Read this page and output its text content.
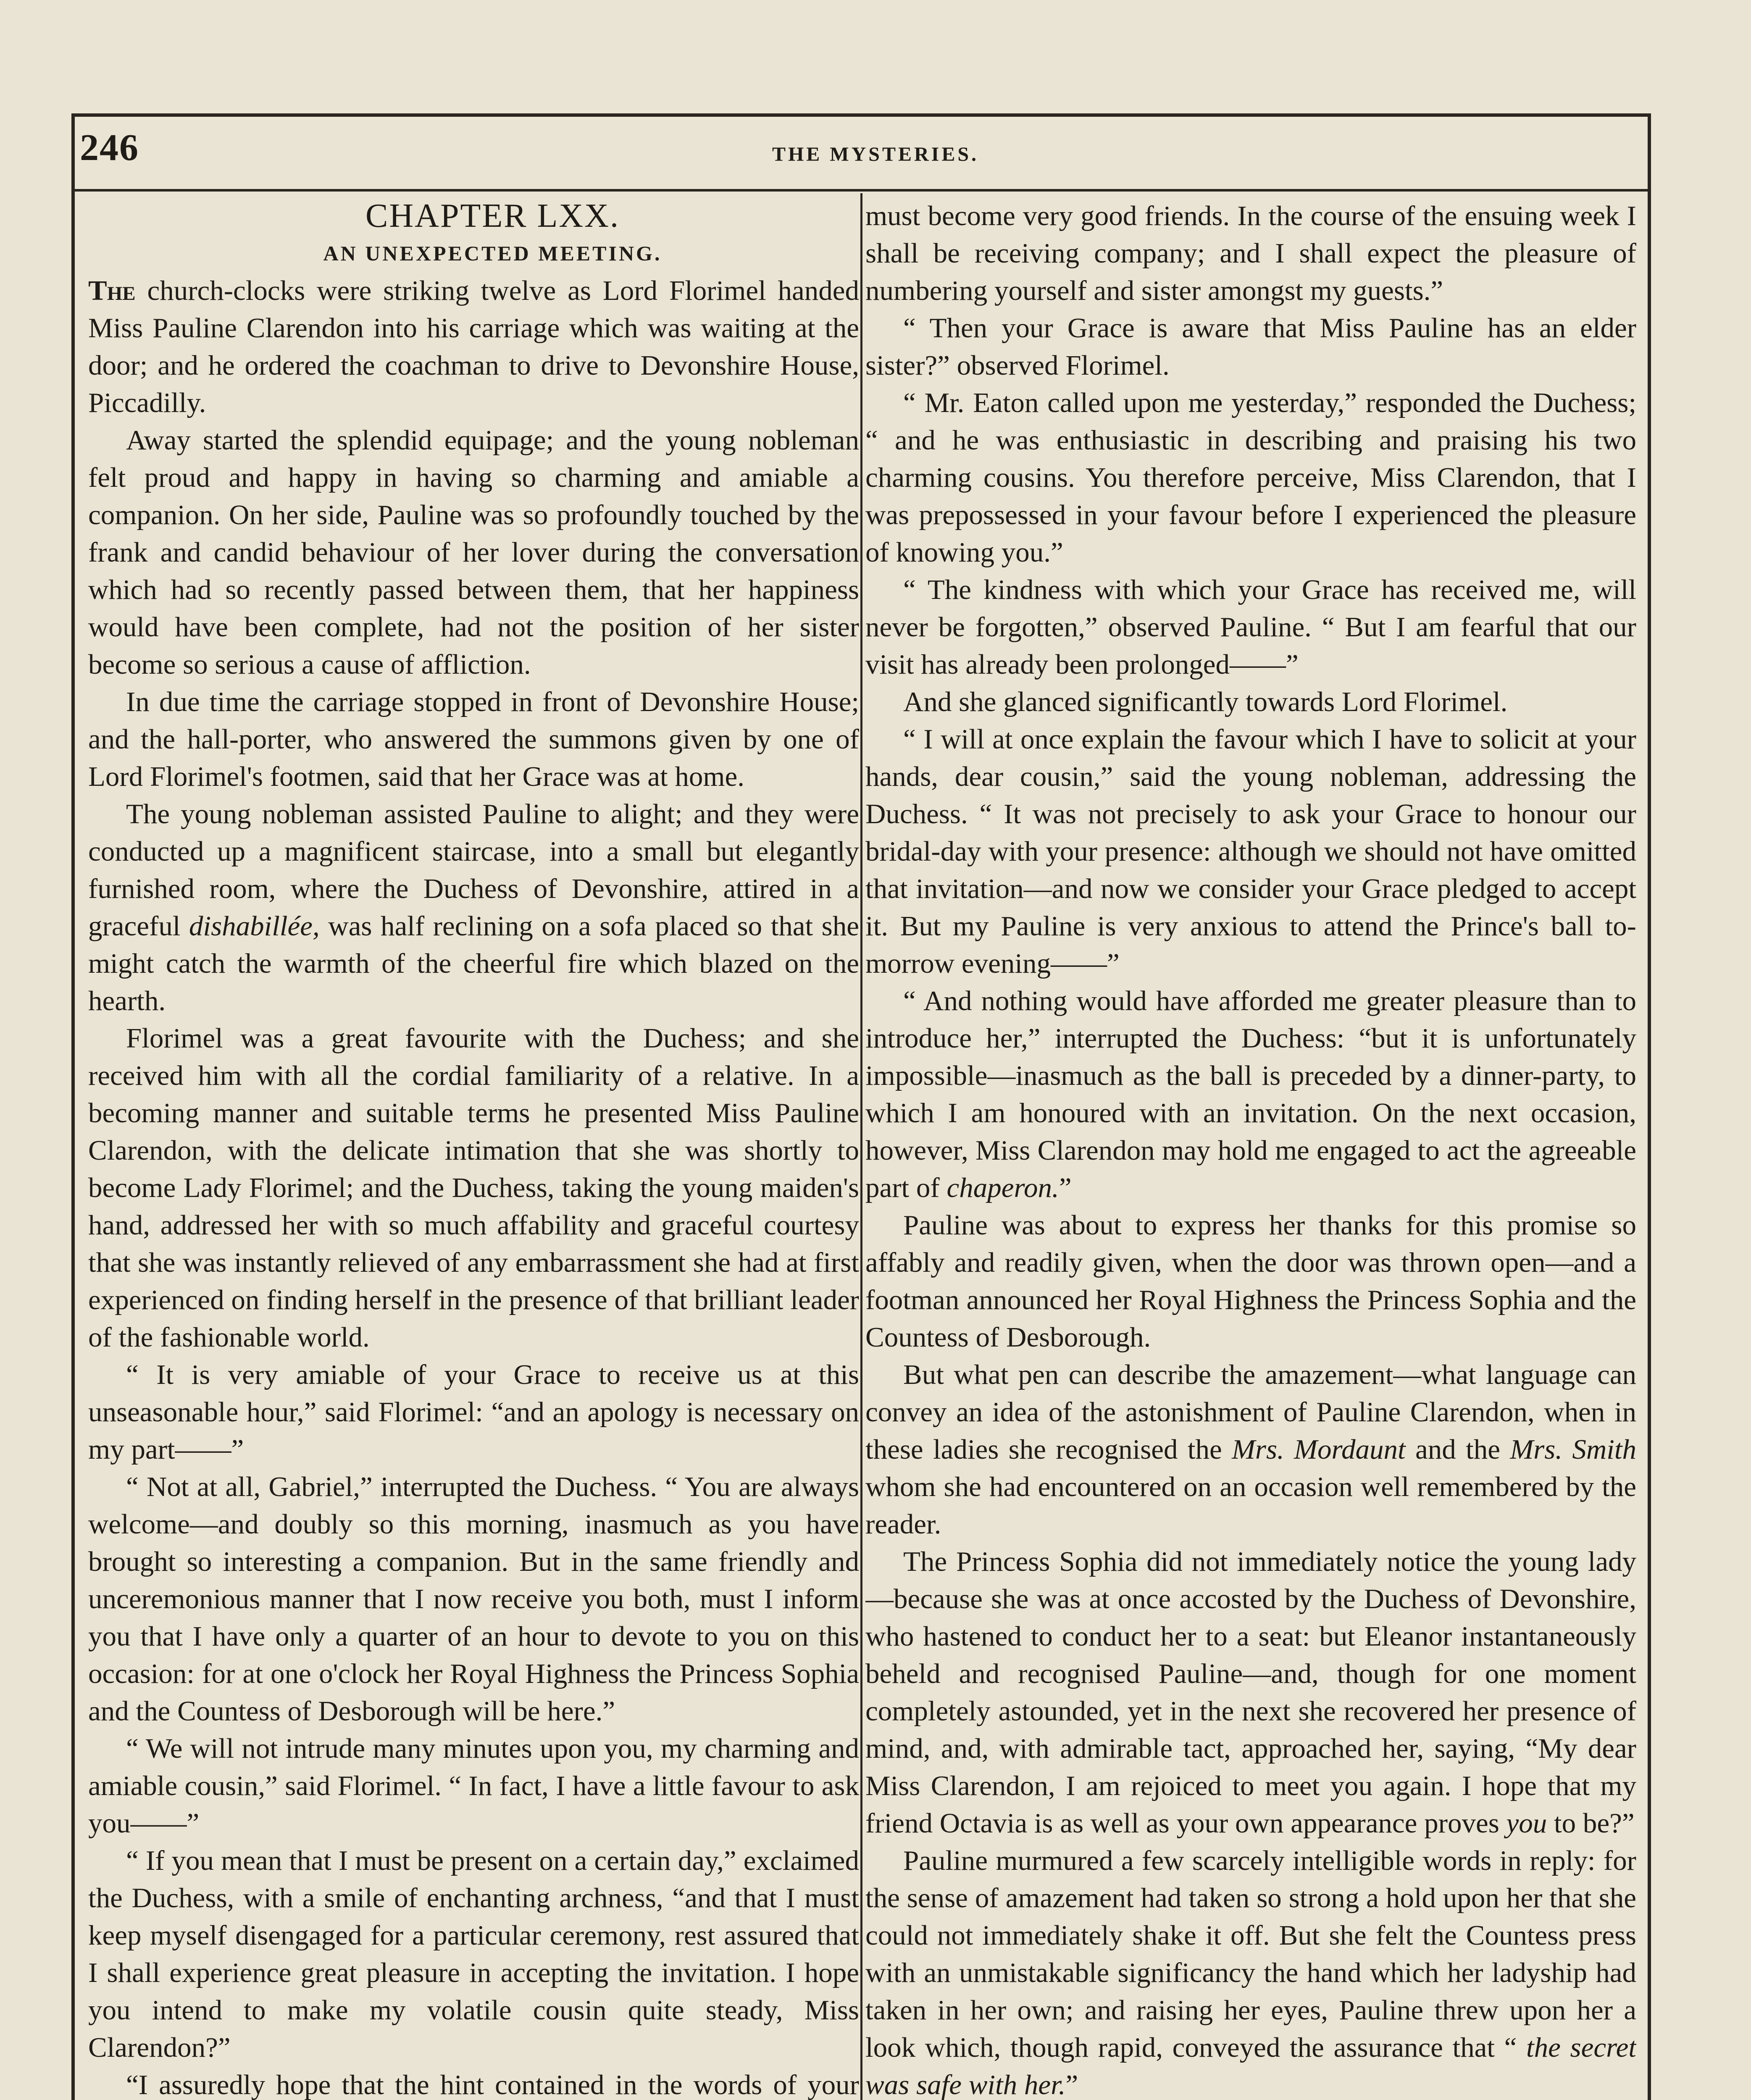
246	THE MYSTERIES.

CHAPTER LXX.

AN UNEXPECTED MEETING.

The church-clocks were striking twelve as Lord Florimel handed Miss Pauline Clarendon into his carriage which was waiting at the door; and he ordered the coachman to drive to Devonshire House, Piccadilly.

Away started the splendid equipage; and the young nobleman felt proud and happy in having so charming and amiable a companion. On her side, Pauline was so profoundly touched by the frank and candid behaviour of her lover during the conversation which had so recently passed between them, that her happiness would have been complete, had not the position of her sister become so serious a cause of affliction.

In due time the carriage stopped in front of Devonshire House; and the hall-porter, who answered the summons given by one of Lord Florimel's footmen, said that her Grace was at home.

The young nobleman assisted Pauline to alight; and they were conducted up a magnificent staircase, into a small but elegantly furnished room, where the Duchess of Devonshire, attired in a graceful dishabillée, was half reclining on a sofa placed so that she might catch the warmth of the cheerful fire which blazed on the hearth.

Florimel was a great favourite with the Duchess; and she received him with all the cordial familiarity of a relative. In a becoming manner and suitable terms he presented Miss Pauline Clarendon, with the delicate intimation that she was shortly to become Lady Florimel; and the Duchess, taking the young maiden's hand, addressed her with so much affability and graceful courtesy that she was instantly relieved of any embarrassment she had at first experienced on finding herself in the presence of that brilliant leader of the fashionable world.

“ It is very amiable of your Grace to receive us at this unseasonable hour,” said Florimel: “and an apology is necessary on my part——”

“ Not at all, Gabriel,” interrupted the Duchess. “ You are always welcome—and doubly so this morning, inasmuch as you have brought so interesting a companion. But in the same friendly and unceremonious manner that I now receive you both, must I inform you that I have only a quarter of an hour to devote to you on this occasion: for at one o'clock her Royal Highness the Princess Sophia and the Countess of Desborough will be here.”

“ We will not intrude many minutes upon you, my charming and amiable cousin,” said Florimel. “ In fact, I have a little favour to ask you——”

“ If you mean that I must be present on a certain day,” exclaimed the Duchess, with a smile of enchanting archness, “and that I must keep myself disengaged for a particular ceremony, rest assured that I shall experience great pleasure in accepting the invitation. I hope you intend to make my volatile cousin quite steady, Miss Clarendon?”

“I assuredly hope that the hint contained in the words of your

must become very good friends. In the course of the ensuing week I shall be receiving company; and I shall expect the pleasure of numbering yourself and sister amongst my guests.”

“ Then your Grace is aware that Miss Pauline has an elder sister?” observed Florimel.

“ Mr. Eaton called upon me yesterday,” responded the Duchess; “ and he was enthusiastic in describing and praising his two charming cousins. You therefore perceive, Miss Clarendon, that I was prepossessed in your favour before I experienced the pleasure of knowing you.”

“ The kindness with which your Grace has received me, will never be forgotten,” observed Pauline. “ But I am fearful that our visit has already been prolonged——”

And she glanced significantly towards Lord Florimel.

“ I will at once explain the favour which I have to solicit at your hands, dear cousin,” said the young nobleman, addressing the Duchess. “ It was not precisely to ask your Grace to honour our bridal-day with your presence: although we should not have omitted that invitation—and now we consider your Grace pledged to accept it. But my Pauline is very anxious to attend the Prince's ball to-morrow evening——”

“ And nothing would have afforded me greater pleasure than to introduce her,” interrupted the Duchess: “but it is unfortunately impossible—inasmuch as the ball is preceded by a dinner-party, to which I am honoured with an invitation. On the next occasion, however, Miss Clarendon may hold me engaged to act the agreeable part of chaperon.”

Pauline was about to express her thanks for this promise so affably and readily given, when the door was thrown open—and a footman announced her Royal Highness the Princess Sophia and the Countess of Desborough.

But what pen can describe the amazement—what language can convey an idea of the astonishment of Pauline Clarendon, when in these ladies she recognised the Mrs. Mordaunt and the Mrs. Smith whom she had encountered on an occasion well remembered by the reader.

The Princess Sophia did not immediately notice the young lady—because she was at once accosted by the Duchess of Devonshire, who hastened to conduct her to a seat: but Eleanor instantaneously beheld and recognised Pauline—and, though for one moment completely astounded, yet in the next she recovered her presence of mind, and, with admirable tact, approached her, saying, “My dear Miss Clarendon, I am rejoiced to meet you again. I hope that my friend Octavia is as well as your own appearance proves you to be?”

Pauline murmured a few scarcely intelligible words in reply: for the sense of amazement had taken so strong a hold upon her that she could not immediately shake it off. But she felt the Countess press with an unmistakable significancy the hand which her ladyship had taken in her own; and raising her eyes, Pauline threw upon her a look which, though rapid, conveyed the assurance that “ the secret was safe with her.”
